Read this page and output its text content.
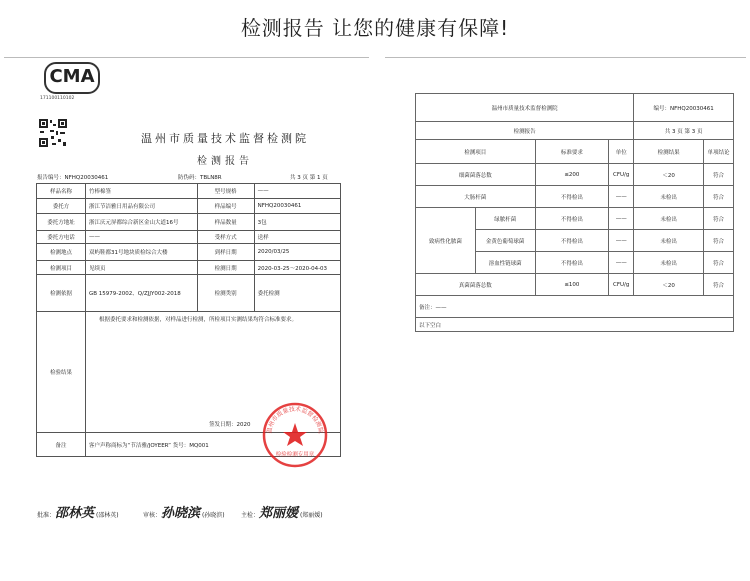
检测报告 让您的健康有保障!
CMA
171100110102
温州市质量技术监督检测院
检测报告
报告编号：NFHQ20030461	防伪码：TBLN8R	共 3 页 第 1 页
样品名称	竹棒棉签	型号规格	——
委托方	浙江节洁雅日用品有限公司	样品编号	NFHQ20030461
委托方地址	浙江庆元屏都综合新区金山大道16号	样品数量	3包
委托方电话	——	受样方式	送样
检测地点	双屿鞋都31号地块质检综合大楼	到样日期	2020/03/25
检测项目	见续页	检测日期	2020-03-25～2020-04-03
检测依据	GB 15979-2002、Q/ZJJY002-2018	检测类别	委托检测
检验结果	根据委托要求和检测依据，对样品进行检测，所检项目实测结果均符合标准要求。
签发日期：2020		

备注	客户声称商标为“节洁雅/JOYEER” 货号：MQ001		
温州市质量技术监督检测院
检验检测专用章
批准：邵林英 (邵林英)	审核：孙晓滨 (孙晓滨)	主检：郑丽媛 (郑丽媛)
温州市质量技术监督检测院				编号：NFHQ20030461	
检测报告				共 3 页 第 3 页	
检测项目		标准要求	单位	检测结果	单项结论
细菌菌落总数		≤200	CFU/g	＜20	符合
大肠杆菌		不得检出	——	未检出	符合
致病性化脓菌	绿脓杆菌	不得检出	——	未检出	符合
	金黄色葡萄球菌	不得检出	——	未检出	符合
	溶血性链球菌	不得检出	——	未检出	符合
真菌菌落总数		≤100	CFU/g	＜20	符合
备注：——					
以下空白					
